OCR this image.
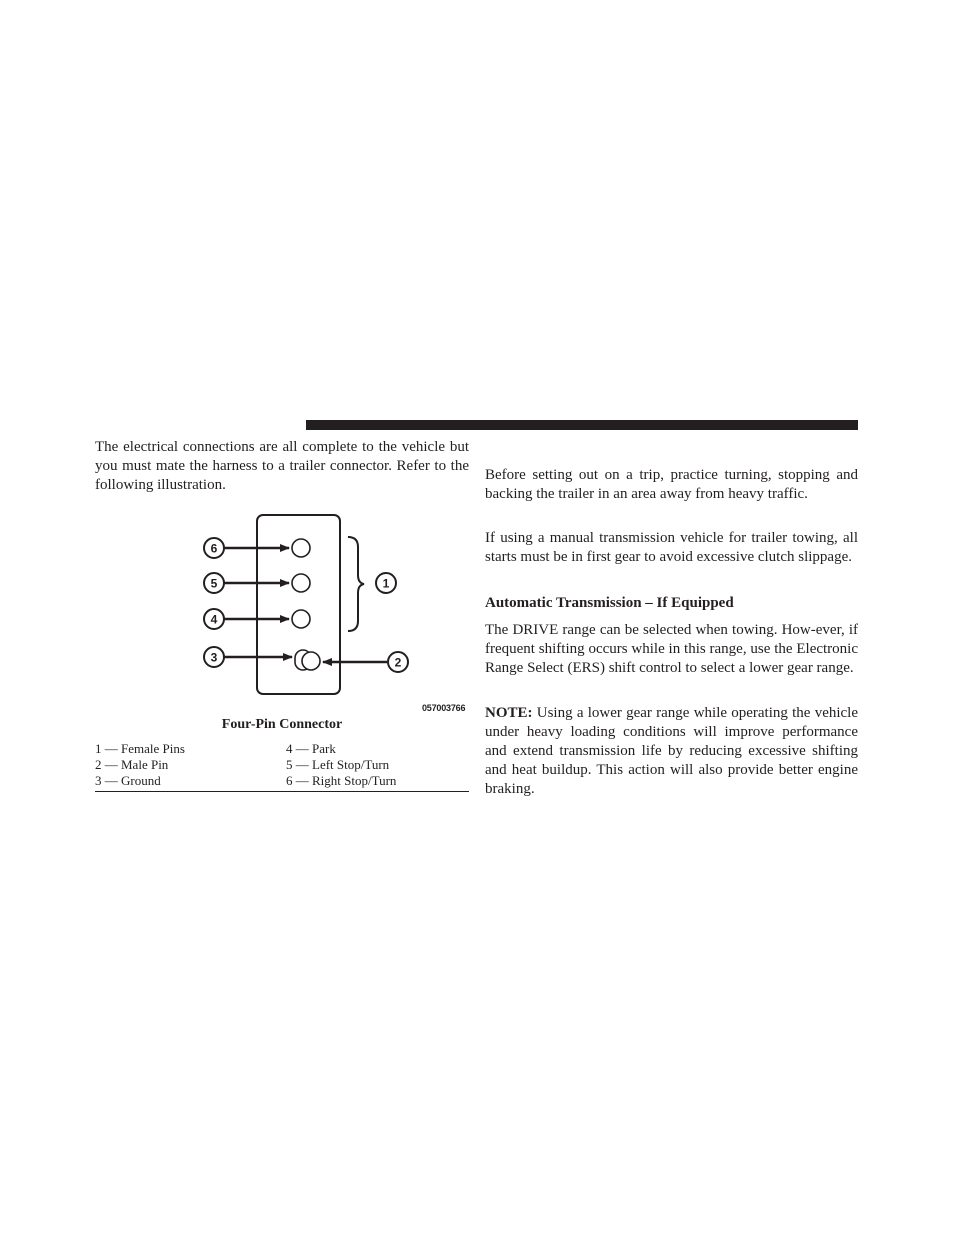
The electrical connections are all complete to the vehicle but you must mate the harness to a trailer connector. Refer to the following illustration.

6
5
4
3
1
2

057003766

Four-Pin Connector

1 — Female Pins
2 — Male Pin
3 — Ground
4 — Park
5 — Left Stop/Turn
6 — Right Stop/Turn

Before setting out on a trip, practice turning, stopping and backing the trailer in an area away from heavy traffic.

If using a manual transmission vehicle for trailer towing, all starts must be in first gear to avoid excessive clutch slippage.

Automatic Transmission – If Equipped

The DRIVE range can be selected when towing. How-ever, if frequent shifting occurs while in this range, use the Electronic Range Select (ERS) shift control to select a lower gear range.

NOTE: Using a lower gear range while operating the vehicle under heavy loading conditions will improve performance and extend transmission life by reducing excessive shifting and heat buildup. This action will also provide better engine braking.
